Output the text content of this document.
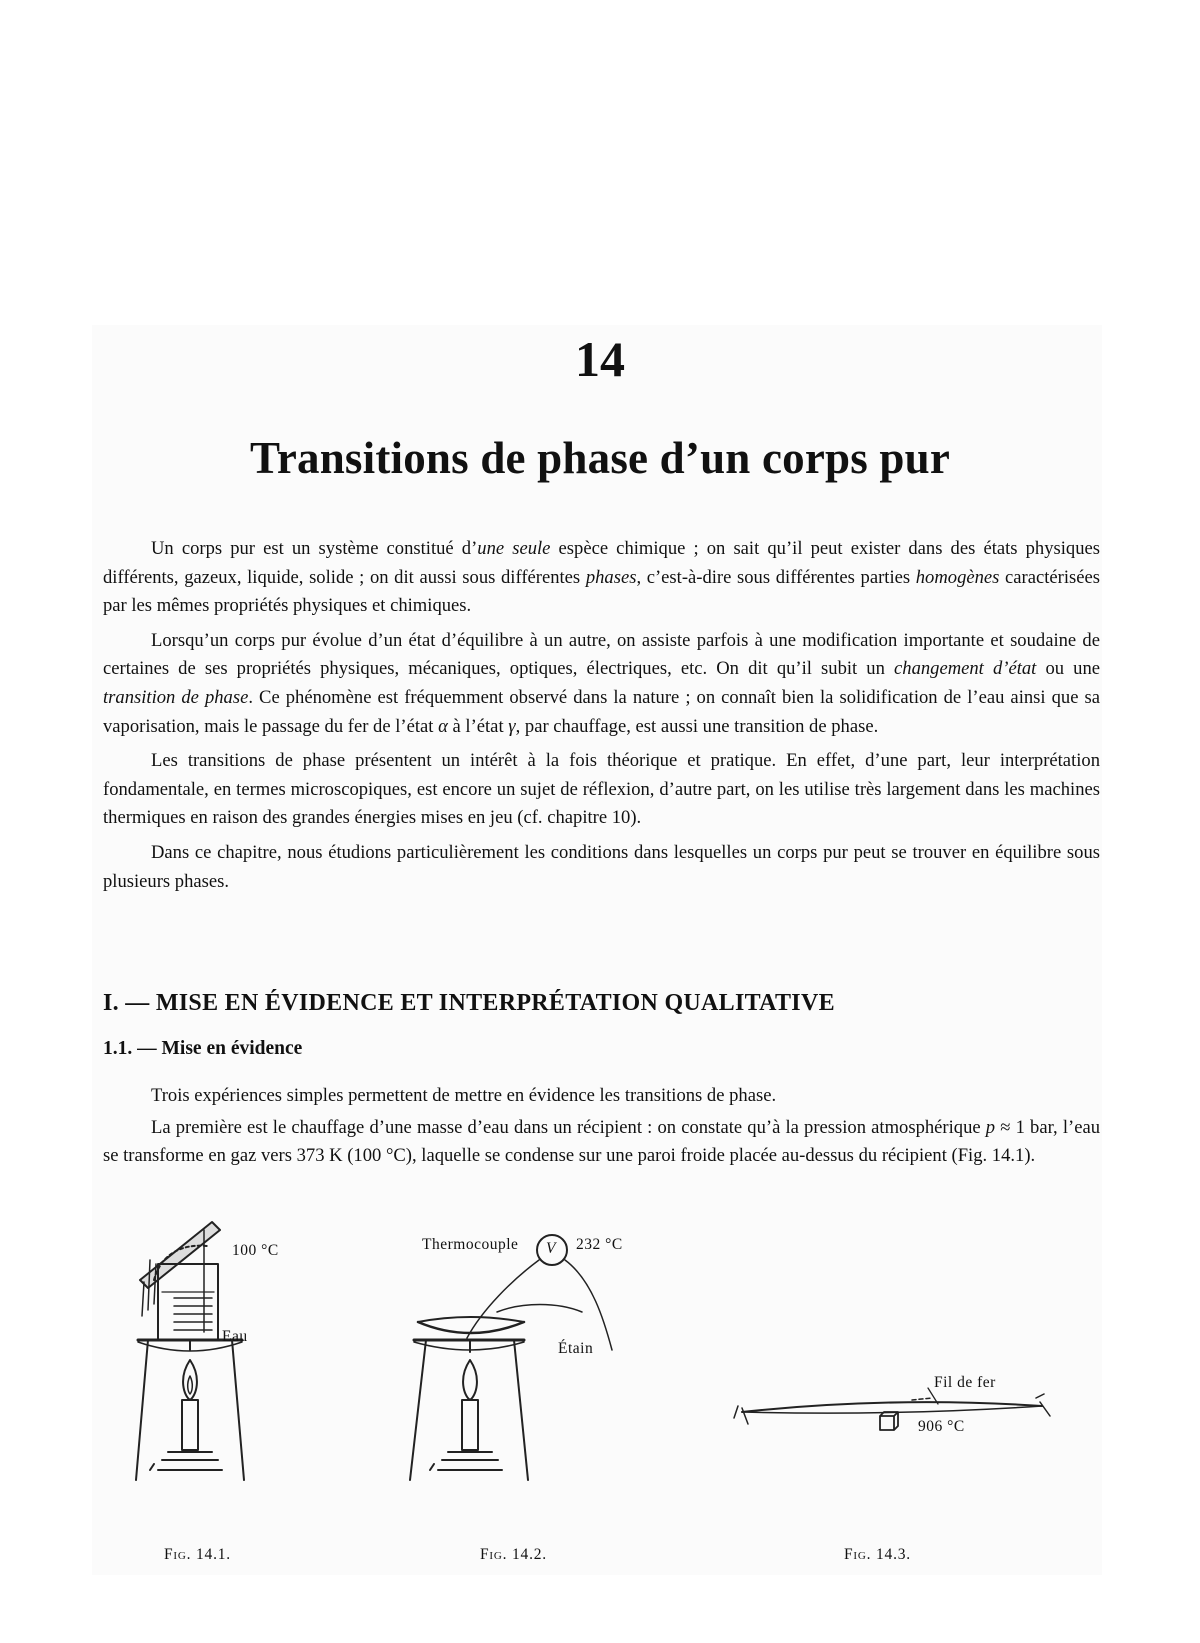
14
Transitions de phase d’un corps pur

Un corps pur est un système constitué d’une seule espèce chimique ; on sait qu’il peut exister dans des états physiques différents, gazeux, liquide, solide ; on dit aussi sous différentes phases, c’est-à-dire sous différentes parties homogènes caractérisées par les mêmes propriétés physiques et chimiques.

Lorsqu’un corps pur évolue d’un état d’équilibre à un autre, on assiste parfois à une modification importante et soudaine de certaines de ses propriétés physiques, mécaniques, optiques, électriques, etc. On dit qu’il subit un changement d’état ou une transition de phase. Ce phénomène est fréquemment observé dans la nature ; on connaît bien la solidification de l’eau ainsi que sa vaporisation, mais le passage du fer de l’état α à l’état γ, par chauffage, est aussi une transition de phase.

Les transitions de phase présentent un intérêt à la fois théorique et pratique. En effet, d’une part, leur interprétation fondamentale, en termes microscopiques, est encore un sujet de réflexion, d’autre part, on les utilise très largement dans les machines thermiques en raison des grandes énergies mises en jeu (cf. chapitre 10).

Dans ce chapitre, nous étudions particulièrement les conditions dans lesquelles un corps pur peut se trouver en équilibre sous plusieurs phases.

I. — MISE EN ÉVIDENCE ET INTERPRÉTATION QUALITATIVE
1.1. — Mise en évidence

Trois expériences simples permettent de mettre en évidence les transitions de phase.

La première est le chauffage d’une masse d’eau dans un récipient : on constate qu’à la pression atmosphérique p ≈ 1 bar, l’eau se transforme en gaz vers 373 K (100 °C), laquelle se condense sur une paroi froide placée au-dessus du récipient (Fig. 14.1).

100 °C
Eau
Thermocouple V 232 °C
Étain
Fil de fer
906 °C
Fig. 14.1.	Fig. 14.2.	Fig. 14.3.
